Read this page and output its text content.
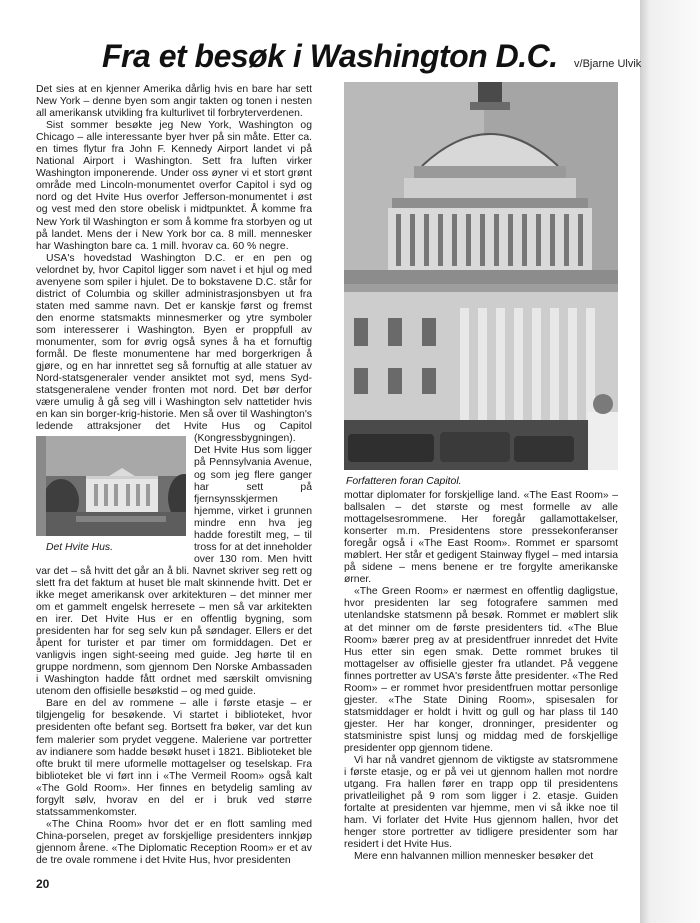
Fra et besøk i Washington D.C. v/Bjarne Ulvik

Det sies at en kjenner Amerika dårlig hvis en bare har sett New York – denne byen som angir takten og tonen i nesten all amerikansk utvikling fra kulturlivet til forbryterverdenen.

Sist sommer besøkte jeg New York, Washington og Chicago – alle interessante byer hver på sin måte. Etter ca. en times flytur fra John F. Kennedy Airport landet vi på National Airport i Washington. Sett fra luften virker Washington imponerende. Under oss øyner vi et stort grønt område med Lincoln-monumentet overfor Capitol i syd og nord og det Hvite Hus overfor Jefferson-monumentet i øst og vest med den store obelisk i midtpunktet. Å komme fra New York til Washington er som å komme fra storbyen og ut på landet. Mens der i New York bor ca. 8 mill. mennesker har Washington bare ca. 1 mill. hvorav ca. 60 % negre.

USA's hovedstad Washington D.C. er en pen og velordnet by, hvor Capitol ligger som navet i et hjul og med avenyene som spiler i hjulet. De to bokstavene D.C. står for district of Columbia og skiller administrasjonsbyen ut fra staten med samme navn. Det er kanskje først og fremst den enorme statsmakts minnesmerker og ytre symboler som interesserer i Washington. Byen er proppfull av monumenter, som for øvrig også synes å ha et fornuftig formål. De fleste monumentene har med borgerkrigen å gjøre, og en har innrettet seg så fornuftig at alle statuer av Nord-statsgeneraler vender ansiktet mot syd, mens Syd-statsgeneralene vender fronten mot nord. Det bør derfor være umulig å gå seg vill i Washington selv nattetider hvis en kan sin borger-krig-historie. Men så over til Washington's ledende attraksjoner det Hvite Hus og Capitol (Kongressbygningen).
Det Hvite Hus.
Det Hvite Hus som ligger på Pennsylvania Avenue, og som jeg flere ganger har sett på fjernsynsskjermen hjemme, virket i grunnen mindre enn hva jeg hadde forestilt meg, – til tross for at det inneholder over 130 rom. Men hvitt var det – så hvitt det går an å bli. Navnet skriver seg rett og slett fra det faktum at huset ble malt skinnende hvitt. Det er ikke meget amerikansk over arkitekturen – det minner mer om et gammelt engelsk herresete – men så var arkitekten en irer. Det Hvite Hus er en offentlig bygning, som presidenten har for seg selv kun på søndager. Ellers er det åpent for turister et par timer om formiddagen. Det er vanligvis ingen sight-seeing med guide. Jeg hørte til en gruppe nordmenn, som gjennom Den Norske Ambassaden i Washington hadde fått ordnet med særskilt omvisning utenom den offisielle besøkstid – og med guide.

Bare en del av rommene – alle i første etasje – er tilgjengelig for besøkende. Vi startet i biblioteket, hvor presidenten ofte befant seg. Bortsett fra bøker, var det kun fem malerier som prydet veggene. Maleriene var portretter av indianere som hadde besøkt huset i 1821. Biblioteket ble ofte brukt til mere uformelle mottagelser og teselskap. Fra biblioteket ble vi ført inn i «The Vermeil Room» også kalt «The Gold Room». Her finnes en betydelig samling av forgylt sølv, hvorav en del er i bruk ved større statssammenkomster.

«The China Room» hvor det er en flott samling med China-porselen, preget av forskjellige presidenters innkjøp gjennom årene. «The Diplomatic Reception Room» er et av de tre ovale rommene i det Hvite Hus, hvor presidenten

Forfatteren foran Capitol.

mottar diplomater for forskjellige land. «The East Room» – ballsalen – det største og mest formelle av alle mottagelsesrommene. Her foregår gallamottakelser, konserter m.m. Presidentens store pressekonferanser foregår også i «The East Room». Rommet er sparsomt møblert. Her står et gedigent Stainway flygel – med intarsia på sidene – mens benene er tre forgylte amerikanske ørner.

«The Green Room» er nærmest en offentlig dagligstue, hvor presidenten lar seg fotografere sammen med utenlandske statsmenn på besøk. Rommet er møblert slik at det minner om de første presidenters tid. «The Blue Room» bærer preg av at presidentfruer innredet det Hvite Hus etter sin egen smak. Dette rommet brukes til mottagelser av offisielle gjester fra utlandet. På veggene finnes portretter av USA's første åtte presidenter. «The Red Room» – er rommet hvor presidentfruen mottar personlige gjester. «The State Dining Room», spisesalen for statsmiddager er holdt i hvitt og gull og har plass til 140 gjester. Her har konger, dronninger, presidenter og statsministre spist lunsj og middag med de forskjellige presidenter opp gjennom tidene.

Vi har nå vandret gjennom de viktigste av statsrommene i første etasje, og er på vei ut gjennom hallen mot nordre utgang. Fra hallen fører en trapp opp til presidentens privatleilighet på 9 rom som ligger i 2. etasje. Guiden fortalte at presidenten var hjemme, men vi så ikke noe til ham. Vi forlater det Hvite Hus gjennom hallen, hvor det henger store portretter av tidligere presidenter som har residert i det Hvite Hus.

Mere enn halvannen million mennesker besøker det

20
